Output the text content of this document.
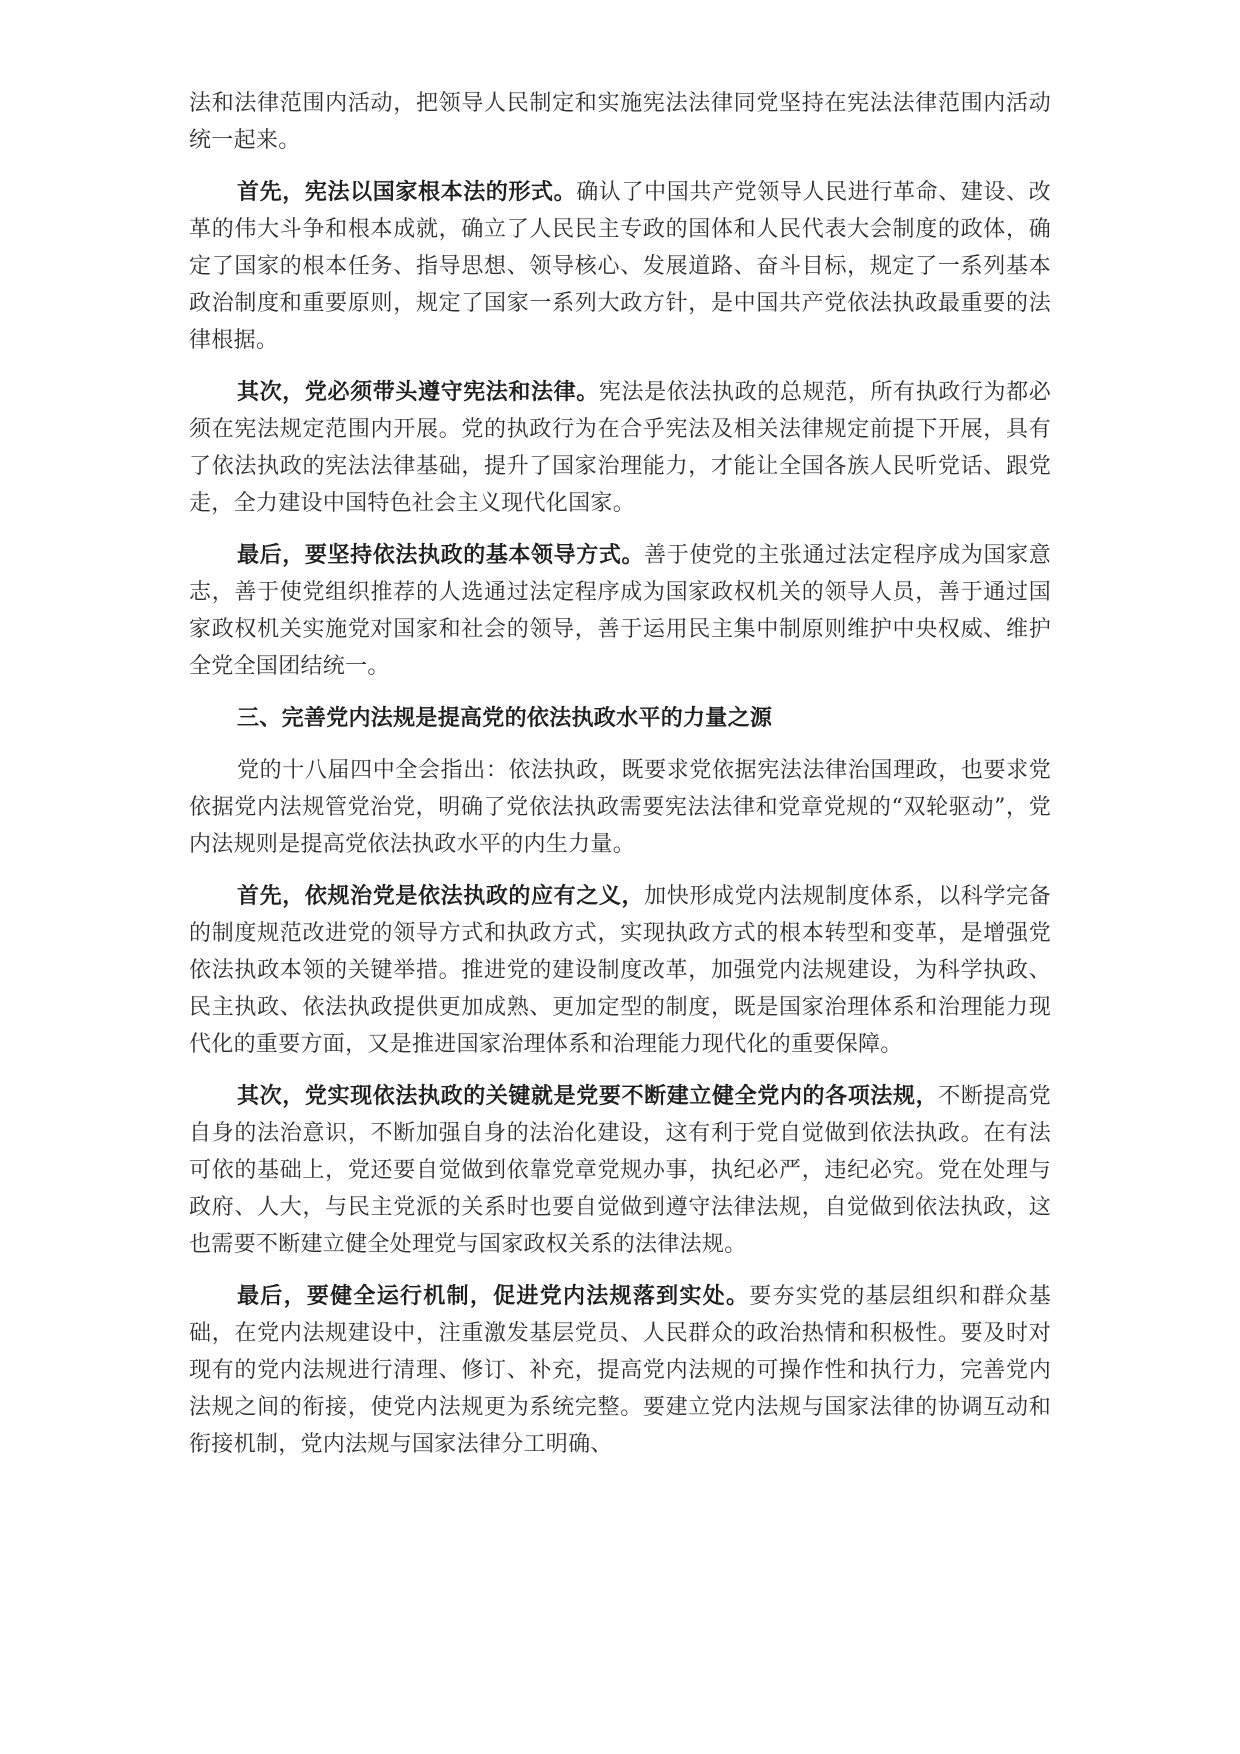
法和法律范围内活动，把领导人民制定和实施宪法法律同党坚持在宪法法律范围内活动统一起来。

首先，宪法以国家根本法的形式。确认了中国共产党领导人民进行革命、建设、改革的伟大斗争和根本成就，确立了人民民主专政的国体和人民代表大会制度的政体，确定了国家的根本任务、指导思想、领导核心、发展道路、奋斗目标，规定了一系列基本政治制度和重要原则，规定了国家一系列大政方针，是中国共产党依法执政最重要的法律根据。

其次，党必须带头遵守宪法和法律。宪法是依法执政的总规范，所有执政行为都必须在宪法规定范围内开展。党的执政行为在合乎宪法及相关法律规定前提下开展，具有了依法执政的宪法法律基础，提升了国家治理能力，才能让全国各族人民听党话、跟党走，全力建设中国特色社会主义现代化国家。

最后，要坚持依法执政的基本领导方式。善于使党的主张通过法定程序成为国家意志，善于使党组织推荐的人选通过法定程序成为国家政权机关的领导人员，善于通过国家政权机关实施党对国家和社会的领导，善于运用民主集中制原则维护中央权威、维护全党全国团结统一。

三、完善党内法规是提高党的依法执政水平的力量之源

党的十八届四中全会指出：依法执政，既要求党依据宪法法律治国理政，也要求党依据党内法规管党治党，明确了党依法执政需要宪法法律和党章党规的“双轮驱动”，党内法规则是提高党依法执政水平的内生力量。

首先，依规治党是依法执政的应有之义，加快形成党内法规制度体系，以科学完备的制度规范改进党的领导方式和执政方式，实现执政方式的根本转型和变革，是增强党依法执政本领的关键举措。推进党的建设制度改革，加强党内法规建设，为科学执政、民主执政、依法执政提供更加成熟、更加定型的制度，既是国家治理体系和治理能力现代化的重要方面，又是推进国家治理体系和治理能力现代化的重要保障。

其次，党实现依法执政的关键就是党要不断建立健全党内的各项法规，不断提高党自身的法治意识，不断加强自身的法治化建设，这有利于党自觉做到依法执政。在有法可依的基础上，党还要自觉做到依靠党章党规办事，执纪必严，违纪必究。党在处理与政府、人大，与民主党派的关系时也要自觉做到遵守法律法规，自觉做到依法执政，这也需要不断建立健全处理党与国家政权关系的法律法规。

最后，要健全运行机制，促进党内法规落到实处。要夯实党的基层组织和群众基础，在党内法规建设中，注重激发基层党员、人民群众的政治热情和积极性。要及时对现有的党内法规进行清理、修订、补充，提高党内法规的可操作性和执行力，完善党内法规之间的衔接，使党内法规更为系统完整。要建立党内法规与国家法律的协调互动和衔接机制，党内法规与国家法律分工明确、
